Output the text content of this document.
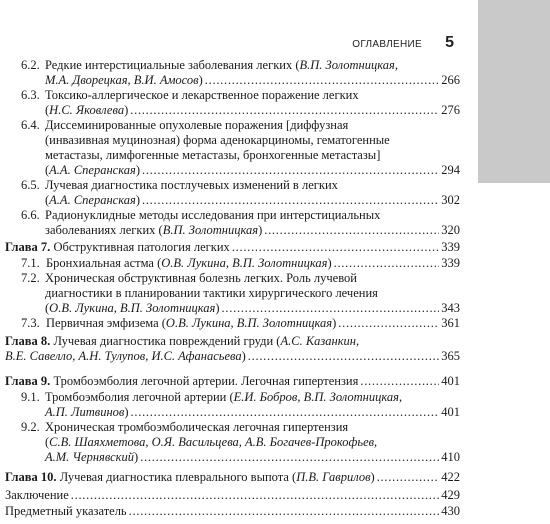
ОГЛАВЛЕНИЕ 5
6.2. Редкие интерстициальные заболевания легких (В.П. Золотницкая,
М.А. Дворецкая, В.И. Амосов) . . .	266
6.3. Токсико-аллергическое и лекарственное поражение легких
(Н.С. Яковлева) . . .	276
6.4. Диссеминированные опухолевые поражения [диффузная
(инвазивная муцинозная) форма аденокарциномы, гематогенные
метастазы, лимфогенные метастазы, бронхогенные метастазы]
(А.А. Сперанская) . . .	294
6.5. Лучевая диагностика постлучевых изменений в легких
(А.А. Сперанская) . . .	302
6.6. Радионуклидные методы исследования при интерстициальных
заболеваниях легких (В.П. Золотницкая) . . .	320
Глава 7. Обструктивная патология легких . . .	339
7.1. Бронхиальная астма (О.В. Лукина, В.П. Золотницкая) . . .	339
7.2. Хроническая обструктивная болезнь легких. Роль лучевой
диагностики в планировании тактики хирургического лечения
(О.В. Лукина, В.П. Золотницкая) . . .	343
7.3. Первичная эмфизема (О.В. Лукина, В.П. Золотницкая) . . .	361
Глава 8. Лучевая диагностика повреждений груди (А.С. Казанкин,
В.Е. Савелло, А.Н. Тулупов, И.С. Афанасьева) . . .	365
Глава 9. Тромбоэмболия легочной артерии. Легочная гипертензия . . .	401
9.1. Тромбоэмболия легочной артерии (Е.И. Бобров, В.П. Золотницкая,
А.П. Литвинов) . . .	401
9.2. Хроническая тромбоэмболическая легочная гипертензия
(С.В. Шаяхметова, О.Я. Васильцева, А.В. Богачев-Прокофьев,
А.М. Чернявский) . . .	410
Глава 10. Лучевая диагностика плеврального выпота (П.В. Гаврилов) . . .	422
Заключение . . .	429
Предметный указатель . . .	430
